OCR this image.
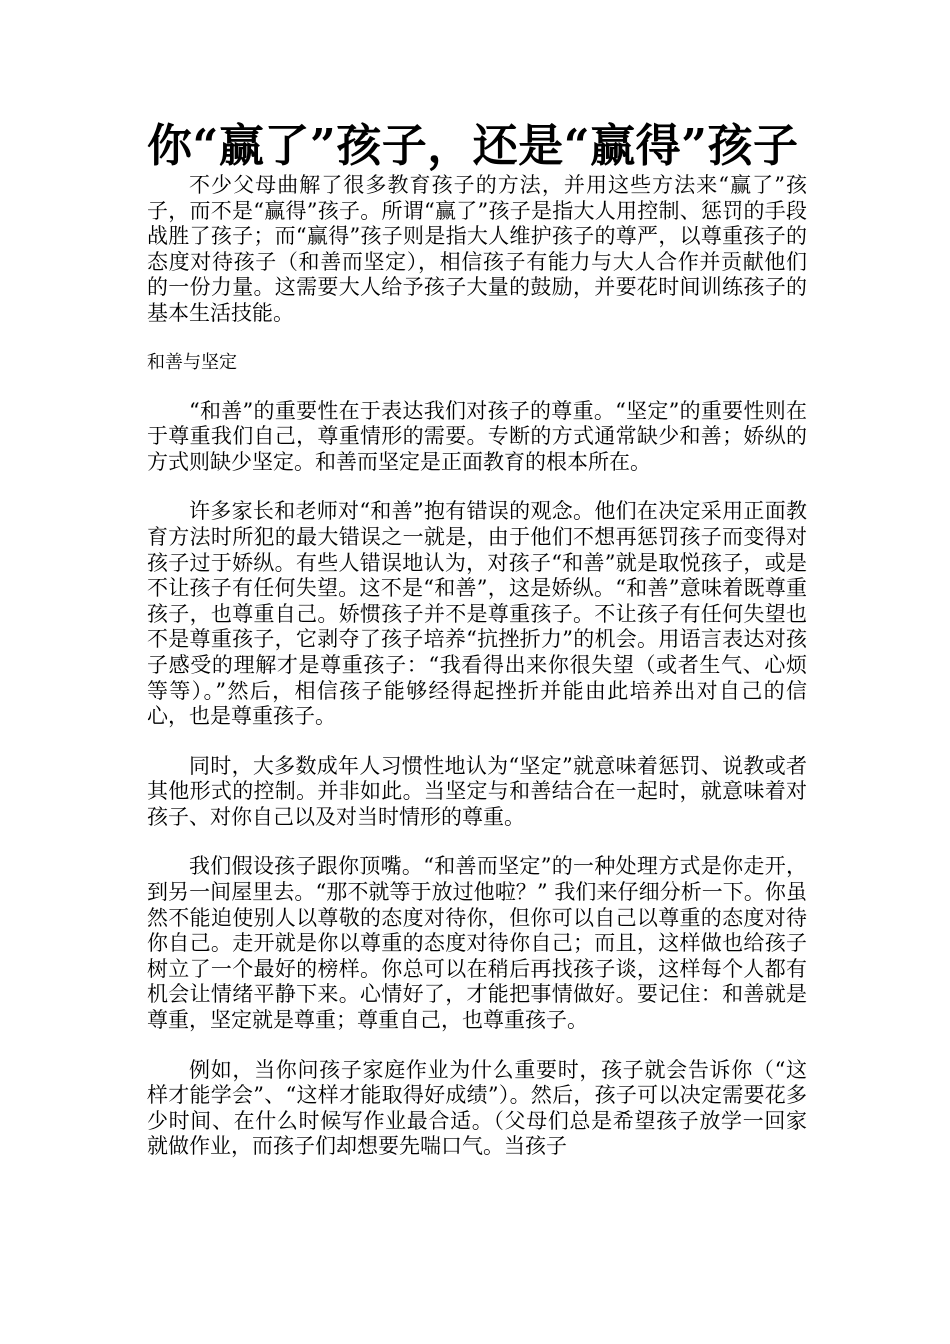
你“赢了”孩子，还是“赢得”孩子

不少父母曲解了很多教育孩子的方法，并用这些方法来“赢了”孩子，而不是“赢得”孩子。所谓“赢了”孩子是指大人用控制、惩罚的手段战胜了孩子；而“赢得”孩子则是指大人维护孩子的尊严，以尊重孩子的态度对待孩子（和善而坚定），相信孩子有能力与大人合作并贡献他们的一份力量。这需要大人给予孩子大量的鼓励，并要花时间训练孩子的基本生活技能。

和善与坚定

“和善”的重要性在于表达我们对孩子的尊重。“坚定”的重要性则在于尊重我们自己，尊重情形的需要。专断的方式通常缺少和善；娇纵的方式则缺少坚定。和善而坚定是正面教育的根本所在。

许多家长和老师对“和善”抱有错误的观念。他们在决定采用正面教育方法时所犯的最大错误之一就是，由于他们不想再惩罚孩子而变得对孩子过于娇纵。有些人错误地认为，对孩子“和善”就是取悦孩子，或是不让孩子有任何失望。这不是“和善”，这是娇纵。“和善”意味着既尊重孩子，也尊重自己。娇惯孩子并不是尊重孩子。不让孩子有任何失望也不是尊重孩子，它剥夺了孩子培养“抗挫折力”的机会。用语言表达对孩子感受的理解才是尊重孩子：“我看得出来你很失望（或者生气、心烦等等）。”然后，相信孩子能够经得起挫折并能由此培养出对自己的信心，也是尊重孩子。

同时，大多数成年人习惯性地认为“坚定”就意味着惩罚、说教或者其他形式的控制。并非如此。当坚定与和善结合在一起时，就意味着对孩子、对你自己以及对当时情形的尊重。

我们假设孩子跟你顶嘴。“和善而坚定”的一种处理方式是你走开，到另一间屋里去。“那不就等于放过他啦？” 我们来仔细分析一下。你虽然不能迫使别人以尊敬的态度对待你，但你可以自己以尊重的态度对待你自己。走开就是你以尊重的态度对待你自己；而且，这样做也给孩子树立了一个最好的榜样。你总可以在稍后再找孩子谈，这样每个人都有机会让情绪平静下来。心情好了，才能把事情做好。要记住：和善就是尊重，坚定就是尊重；尊重自己，也尊重孩子。

例如，当你问孩子家庭作业为什么重要时，孩子就会告诉你（“这样才能学会”、“这样才能取得好成绩”）。然后，孩子可以决定需要花多少时间、在什么时候写作业最合适。（父母们总是希望孩子放学一回家就做作业，而孩子们却想要先喘口气。当孩子
